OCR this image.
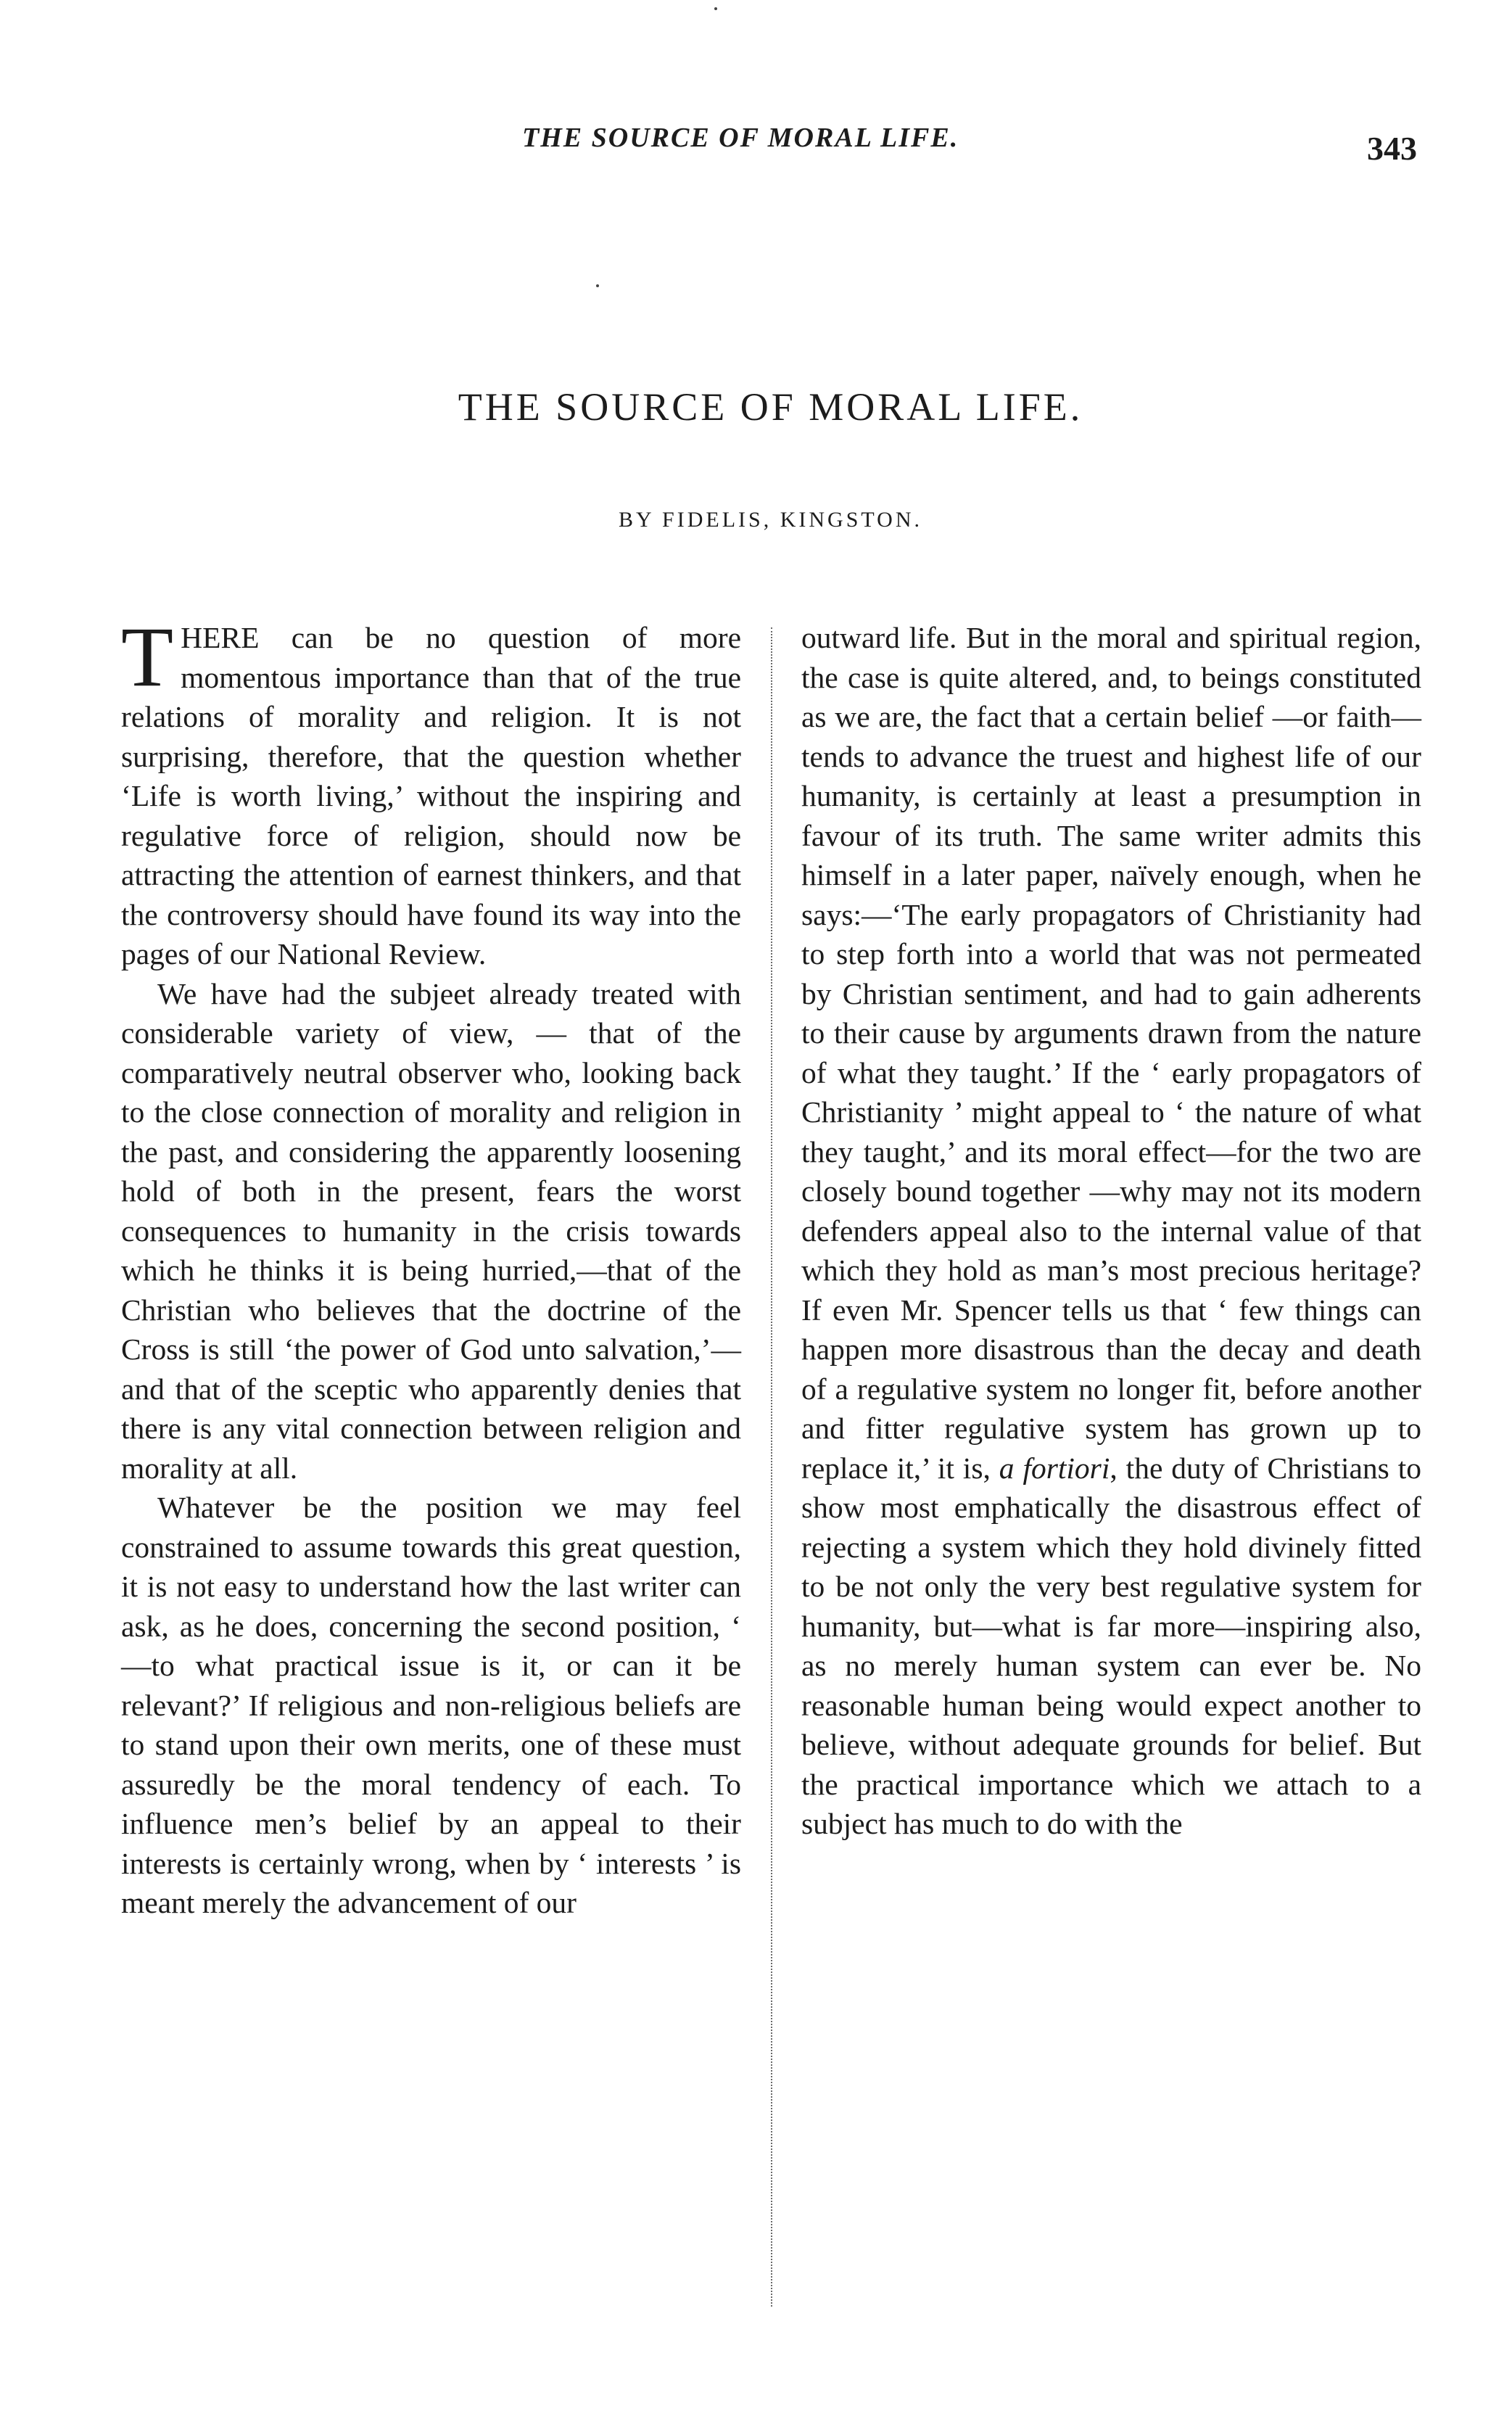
THE SOURCE OF MORAL LIFE.	343
THE SOURCE OF MORAL LIFE.
BY FIDELIS, KINGSTON.

THERE can be no question of more momentous importance than that of the true relations of morality and religion. It is not surprising, therefore, that the question whether ‘Life is worth living,’ without the inspiring and regulative force of religion, should now be attracting the attention of earnest thinkers, and that the controversy should have found its way into the pages of our National Review.

We have had the subjeet already treated with considerable variety of view, — that of the comparatively neutral observer who, looking back to the close connection of morality and religion in the past, and considering the apparently loosening hold of both in the present, fears the worst consequences to humanity in the crisis towards which he thinks it is being hurried,—that of the Christian who believes that the doctrine of the Cross is still ‘the power of God unto salvation,’—and that of the sceptic who apparently denies that there is any vital connection between religion and morality at all.

Whatever be the position we may feel constrained to assume towards this great question, it is not easy to understand how the last writer can ask, as he does, concerning the second position, ‘ —to what practical issue is it, or can it be relevant?’ If religious and non-religious beliefs are to stand upon their own merits, one of these must assuredly be the moral tendency of each. To influence men’s belief by an appeal to their interests is certainly wrong, when by ‘ interests ’ is meant merely the advancement of our

outward life. But in the moral and spiritual region, the case is quite altered, and, to beings constituted as we are, the fact that a certain belief —or faith—tends to advance the truest and highest life of our humanity, is certainly at least a presumption in favour of its truth. The same writer admits this himself in a later paper, naïvely enough, when he says:—‘The early propagators of Christianity had to step forth into a world that was not permeated by Christian sentiment, and had to gain adherents to their cause by arguments drawn from the nature of what they taught.’ If the ‘ early propagators of Christianity ’ might appeal to ‘ the nature of what they taught,’ and its moral effect—for the two are closely bound together —why may not its modern defenders appeal also to the internal value of that which they hold as man’s most precious heritage? If even Mr. Spencer tells us that ‘ few things can happen more disastrous than the decay and death of a regulative system no longer fit, before another and fitter regulative system has grown up to replace it,’ it is, a fortiori, the duty of Christians to show most emphatically the disastrous effect of rejecting a system which they hold divinely fitted to be not only the very best regulative system for humanity, but—what is far more—inspiring also, as no merely human system can ever be. No reasonable human being would expect another to believe, without adequate grounds for belief. But the practical importance which we attach to a subject has much to do with the
